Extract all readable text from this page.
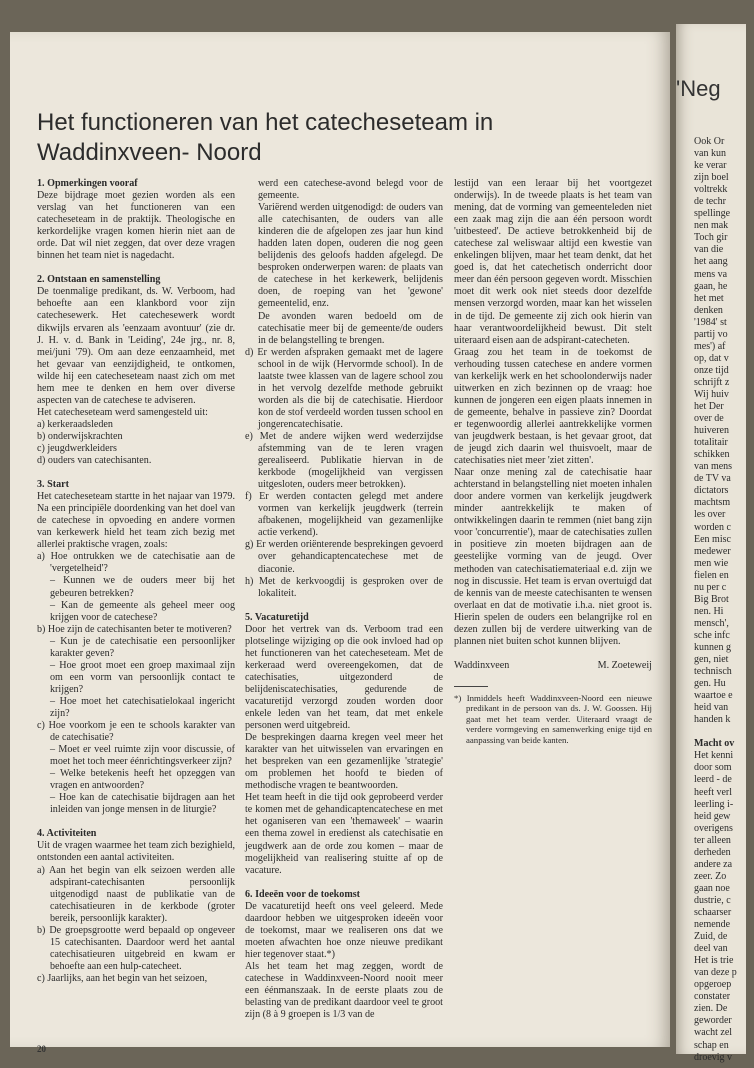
Het functioneren van het catecheseteam in Waddinxveen- Noord

1. Opmerkingen vooraf

Deze bijdrage moet gezien worden als een verslag van het functioneren van een catecheseteam in de praktijk. Theologische en kerkordelijke vragen komen hierin niet aan de orde. Dat wil niet zeggen, dat over deze vragen binnen het team niet is nagedacht.

2. Ontstaan en samenstelling

De toenmalige predikant, ds. W. Verboom, had behoefte aan een klankbord voor zijn catechesewerk. Het catechesewerk wordt dikwijls ervaren als 'eenzaam avontuur' (zie dr. J. H. v. d. Bank in 'Leiding', 24e jrg., nr. 8, mei/juni '79). Om aan deze eenzaamheid, met het gevaar van eenzijdigheid, te ontkomen, wilde hij een catecheseteam naast zich om met hem mee te denken en hem over diverse aspecten van de catechese te adviseren.

Het catecheseteam werd samengesteld uit:

a) kerkeraadsleden

b) onderwijskrachten

c) jeugdwerkleiders

d) ouders van catechisanten.

3. Start

Het catecheseteam startte in het najaar van 1979. Na een principiële doordenking van het doel van de catechese in opvoeding en andere vormen van kerkewerk hield het team zich bezig met allerlei praktische vragen, zoals:

a) Hoe ontrukken we de catechisatie aan de 'vergetelheid'?

– Kunnen we de ouders meer bij het gebeuren betrekken?

– Kan de gemeente als geheel meer oog krijgen voor de catechese?

b) Hoe zijn de catechisanten beter te motiveren?

– Kun je de catechisatie een persoonlijker karakter geven?

– Hoe groot moet een groep maximaal zijn om een vorm van persoonlijk contact te krijgen?

– Hoe moet het catechisatielokaal ingericht zijn?

c) Hoe voorkom je een te schools karakter van de catechisatie?

– Moet er veel ruimte zijn voor discussie, of moet het toch meer éénrichtingsverkeer zijn?

– Welke betekenis heeft het opzeggen van vragen en antwoorden?

– Hoe kan de catechisatie bijdragen aan het inleiden van jonge mensen in de liturgie?

4. Activiteiten

Uit de vragen waarmee het team zich bezighield, ontstonden een aantal activiteiten.

a) Aan het begin van elk seizoen werden alle adspirant-catechisanten persoonlijk uitgenodigd naast de publikatie van de catechisatieuren in de kerkbode (groter bereik, persoonlijk karakter).

b) De groepsgrootte werd bepaald op ongeveer 15 catechisanten. Daardoor werd het aantal catechisatieuren uitgebreid en kwam er behoefte aan een hulp-catecheet.

c) Jaarlijks, aan het begin van het seizoen,

werd een catechese-avond belegd voor de gemeente.

Variërend werden uitgenodigd: de ouders van alle catechisanten, de ouders van alle kinderen die de afgelopen zes jaar hun kind hadden laten dopen, ouderen die nog geen belijdenis des geloofs hadden afgelegd. De besproken onderwerpen waren: de plaats van de catechese in het kerkewerk, belijdenis doen, de roeping van het 'gewone' gemeentelid, enz.

De avonden waren bedoeld om de catechisatie meer bij de gemeente/de ouders in de belangstelling te brengen.

d) Er werden afspraken gemaakt met de lagere school in de wijk (Hervormde school). In de laatste twee klassen van de lagere school zou in het vervolg dezelfde methode gebruikt worden als die bij de catechisatie. Hierdoor kon de stof verdeeld worden tussen school en jongerencatechisatie.

e) Met de andere wijken werd wederzijdse afstemming van de te leren vragen gerealiseerd. Publikatie hiervan in de kerkbode (mogelijkheid van vergissen uitgesloten, ouders meer betrokken).

f) Er werden contacten gelegd met andere vormen van kerkelijk jeugdwerk (terrein afbakenen, mogelijkheid van gezamenlijke actie verkend).

g) Er werden oriënterende besprekingen gevoerd over gehandicaptencatechese met de diaconie.

h) Met de kerkvoogdij is gesproken over de lokaliteit.

5. Vacaturetijd

Door het vertrek van ds. Verboom trad een plotselinge wijziging op die ook invloed had op het functioneren van het catecheseteam. Met de kerkeraad werd overeengekomen, dat de catechisaties, uitgezonderd de belijdeniscatechisaties, gedurende de vacaturetijd verzorgd zouden worden door enkele leden van het team, dat met enkele personen werd uitgebreid.

De besprekingen daarna kregen veel meer het karakter van het uitwisselen van ervaringen en het bespreken van een gezamenlijke 'strategie' om problemen het hoofd te bieden of methodische vragen te beantwoorden.

Het team heeft in die tijd ook geprobeerd verder te komen met de gehandicaptencatechese en met het oganiseren van een 'themaweek' – waarin een thema zowel in eredienst als catechisatie en jeugdwerk aan de orde zou komen – maar de mogelijkheid van realisering stuitte af op de vacature.

6. Ideeën voor de toekomst

De vacaturetijd heeft ons veel geleerd. Mede daardoor hebben we uitgesproken ideeën voor de toekomst, maar we realiseren ons dat we moeten afwachten hoe onze nieuwe predikant hier tegenover staat.*)

Als het team het mag zeggen, wordt de catechese in Waddinxveen-Noord nooit meer een éénmanszaak. In de eerste plaats zou de belasting van de predikant daardoor veel te groot zijn (8 à 9 groepen is 1/3 van de

lestijd van een leraar bij het voortgezet onderwijs). In de tweede plaats is het team van mening, dat de vorming van gemeenteleden niet een zaak mag zijn die aan één persoon wordt 'uitbesteed'. De actieve betrokkenheid bij de catechese zal weliswaar altijd een kwestie van enkelingen blijven, maar het team denkt, dat het goed is, dat het catechetisch onderricht door meer dan één persoon gegeven wordt. Misschien moet dit werk ook niet steeds door dezelfde mensen verzorgd worden, maar kan het wisselen in de tijd. De gemeente zij zich ook hierin van haar verantwoordelijkheid bewust. Dit stelt uiteraard eisen aan de adspirant-catecheten.

Graag zou het team in de toekomst de verhouding tussen catechese en andere vormen van kerkelijk werk en het schoolonderwijs nader uitwerken en zich bezinnen op de vraag: hoe kunnen de jongeren een eigen plaats innemen in de gemeente, behalve in passieve zin? Doordat er tegenwoordig allerlei aantrekkelijke vormen van jeugdwerk bestaan, is het gevaar groot, dat de jeugd zich daarin wel thuisvoelt, maar de catechisaties niet meer 'ziet zitten'.

Naar onze mening zal de catechisatie haar achterstand in belangstelling niet moeten inhalen door andere vormen van kerkelijk jeugdwerk minder aantrekkelijk te maken of ontwikkelingen daarin te remmen (niet bang zijn voor 'concurrentie'), maar de catechisaties zullen in positieve zin moeten bijdragen aan de geestelijke vorming van de jeugd. Over methoden van catechisatiemateriaal e.d. zijn we nog in discussie. Het team is ervan overtuigd dat de kennis van de meeste catechisanten te wensen overlaat en dat de motivatie i.h.a. niet groot is. Hierin spelen de ouders een belangrijke rol en dezen zullen bij de verdere uitwerking van de plannen niet buiten schot kunnen blijven.

Waddinxveen	M. Zoeteweij

*) Inmiddels heeft Waddinxveen-Noord een nieuwe predikant in de persoon van ds. J. W. Goossen. Hij gaat met het team verder. Uiteraard vraagt de verdere vormgeving en samenwerking enige tijd en aanpassing van beide kanten.

20
'Neg

Ook Or

van kun

ke verar

zijn boel

voltrekk

de techr

spellinge

nen mak

Toch gir

van die

het aang

mens va

gaan, he

het met

denken

'1984' st

partij vo

mes') af

op, dat v

onze tijd

schrijft z

Wij huiv

het Der

over de

huiveren

totalitair

schikken

van mens

de TV va

dictators

machtsm

les over

worden c

Een misc

medewer

men wie

fielen en

nu per c

Big Brot

nen. Hi

mensch',

sche infc

kunnen g

gen, niet

technisch

gen. Hu

waartoe e

heid van

handen k

Macht ov

Het kenni

door som

leerd - de

heeft verl

leerling i-

heid gew

overigens

ter alleen

derheden

andere za

zeer. Zo

gaan noe

dustrie, c

schaarser

nemende

Zuid, de

deel van

Het is trie

van deze p

opgeroep

constater

zien. De

geworder

wacht zel

schap en

droevig v
